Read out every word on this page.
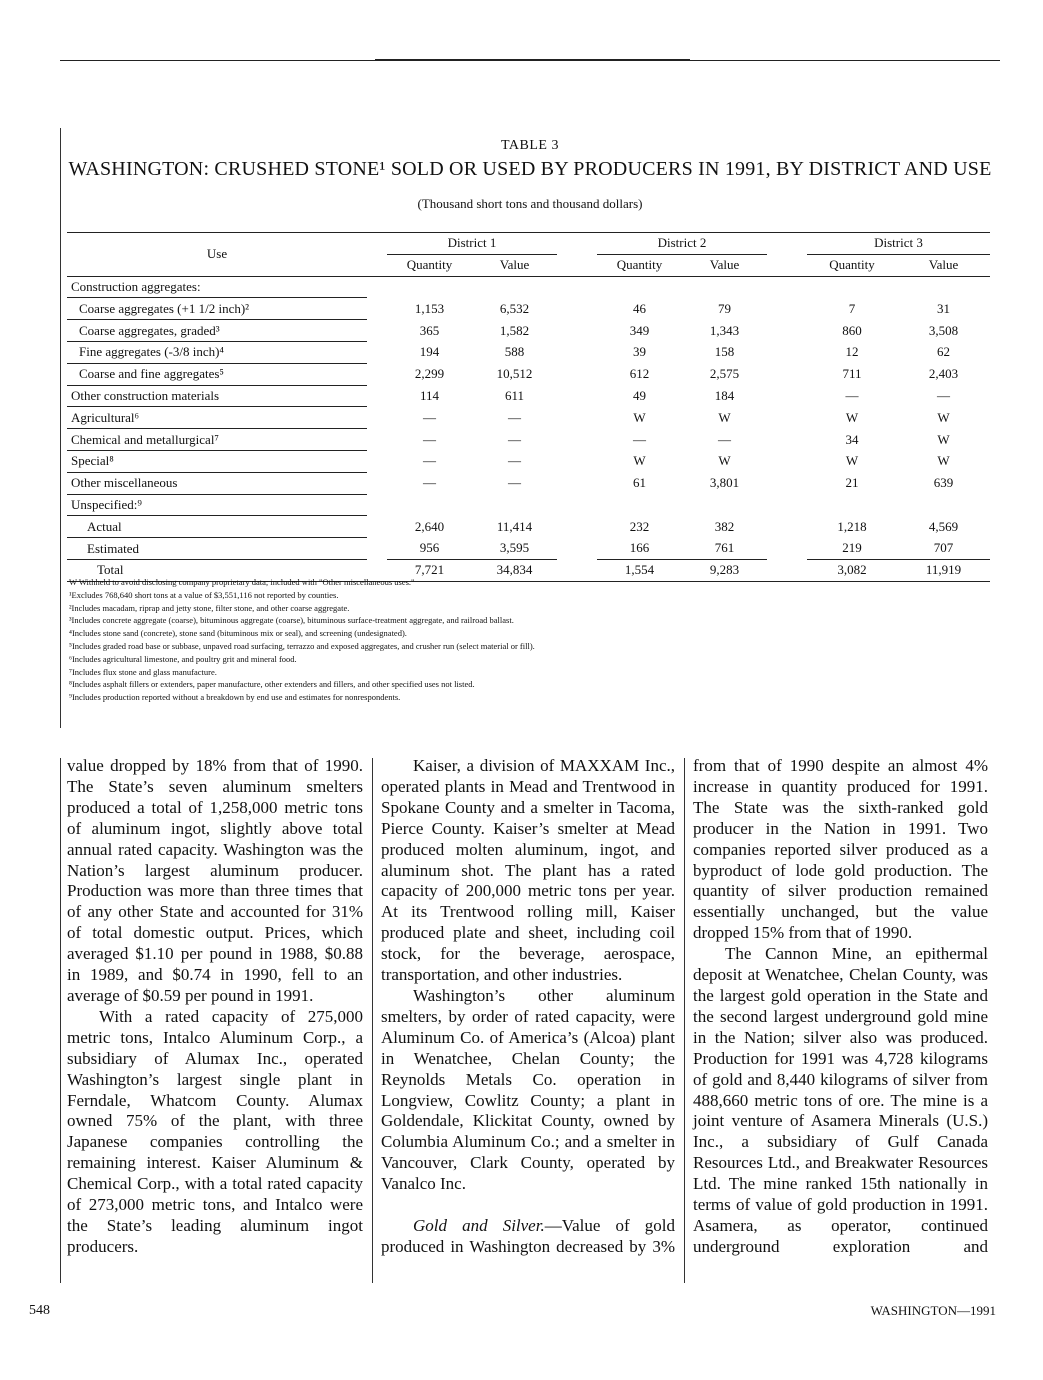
TABLE 3
WASHINGTON: CRUSHED STONE¹ SOLD OR USED BY PRODUCERS IN 1991, BY DISTRICT AND USE
(Thousand short tons and thousand dollars)
Use		District 1			District 2			District 3	
		Quantity	Value		Quantity	Value		Quantity	Value
Construction aggregates:									
Coarse aggregates (+1 1/2 inch)²		1,153	6,532		46	79		7	31
Coarse aggregates, graded³		365	1,582		349	1,343		860	3,508
Fine aggregates (-3/8 inch)⁴		194	588		39	158		12	62
Coarse and fine aggregates⁵		2,299	10,512		612	2,575		711	2,403
Other construction materials		114	611		49	184		—	—
Agricultural⁶		—	—		W	W		W	W
Chemical and metallurgical⁷		—	—		—	—		34	W
Special⁸		—	—		W	W		W	W
Other miscellaneous		—	—		61	3,801		21	639
Unspecified:⁹									
Actual		2,640	11,414		232	382		1,218	4,569
Estimated		956	3,595		166	761		219	707
Total		7,721	34,834		1,554	9,283		3,082	11,919
W Withheld to avoid disclosing company proprietary data; included with "Other miscellaneous uses."
¹Excludes 768,640 short tons at a value of $3,551,116 not reported by counties.
²Includes macadam, riprap and jetty stone, filter stone, and other coarse aggregate.
³Includes concrete aggregate (coarse), bituminous aggregate (coarse), bituminous surface-treatment aggregate, and railroad ballast.
⁴Includes stone sand (concrete), stone sand (bituminous mix or seal), and screening (undesignated).
⁵Includes graded road base or subbase, unpaved road surfacing, terrazzo and exposed aggregates, and crusher run (select material or fill).
⁶Includes agricultural limestone, and poultry grit and mineral food.
⁷Includes flux stone and glass manufacture.
⁸Includes asphalt fillers or extenders, paper manufacture, other extenders and fillers, and other specified uses not listed.
⁹Includes production reported without a breakdown by end use and estimates for nonrespondents.

value dropped by 18% from that of 1990. The State’s seven aluminum smelters produced a total of 1,258,000 metric tons of aluminum ingot, slightly above total annual rated capacity. Washington was the Nation’s largest aluminum producer. Production was more than three times that of any other State and accounted for 31% of total domestic output. Prices, which averaged $1.10 per pound in 1988, $0.88 in 1989, and $0.74 in 1990, fell to an average of $0.59 per pound in 1991.

With a rated capacity of 275,000 metric tons, Intalco Aluminum Corp., a subsidiary of Alumax Inc., operated Washington’s largest single plant in Ferndale, Whatcom County. Alumax owned 75% of the plant, with three Japanese companies controlling the remaining interest. Kaiser Aluminum & Chemical Corp., with a total rated capacity of 273,000 metric tons, and Intalco were the State’s leading aluminum ingot producers.

Kaiser, a division of MAXXAM Inc., operated plants in Mead and Trentwood in Spokane County and a smelter in Tacoma, Pierce County. Kaiser’s smelter at Mead produced molten aluminum, ingot, and aluminum shot. The plant has a rated capacity of 200,000 metric tons per year. At its Trentwood rolling mill, Kaiser produced plate and sheet, including coil stock, for the beverage, aerospace, transportation, and other industries.

Washington’s other aluminum smelters, by order of rated capacity, were Aluminum Co. of America’s (Alcoa) plant in Wenatchee, Chelan County; the Reynolds Metals Co. operation in Longview, Cowlitz County; a plant in Goldendale, Klickitat County, owned by Columbia Aluminum Co.; and a smelter in Vancouver, Clark County, operated by Vanalco Inc.

Gold and Silver.—Value of gold produced in Washington decreased by 3%

from that of 1990 despite an almost 4% increase in quantity produced for 1991. The State was the sixth-ranked gold producer in the Nation in 1991. Two companies reported silver produced as a byproduct of lode gold production. The quantity of silver production remained essentially unchanged, but the value dropped 15% from that of 1990.

The Cannon Mine, an epithermal deposit at Wenatchee, Chelan County, was the largest gold operation in the State and the second largest underground gold mine in the Nation; silver also was produced. Production for 1991 was 4,728 kilograms of gold and 8,440 kilograms of silver from 488,660 metric tons of ore. The mine is a joint venture of Asamera Minerals (U.S.) Inc., a subsidiary of Gulf Canada Resources Ltd., and Breakwater Resources Ltd. The mine ranked 15th nationally in terms of value of gold production in 1991. Asamera, as operator, continued underground exploration and

548	WASHINGTON—1991
